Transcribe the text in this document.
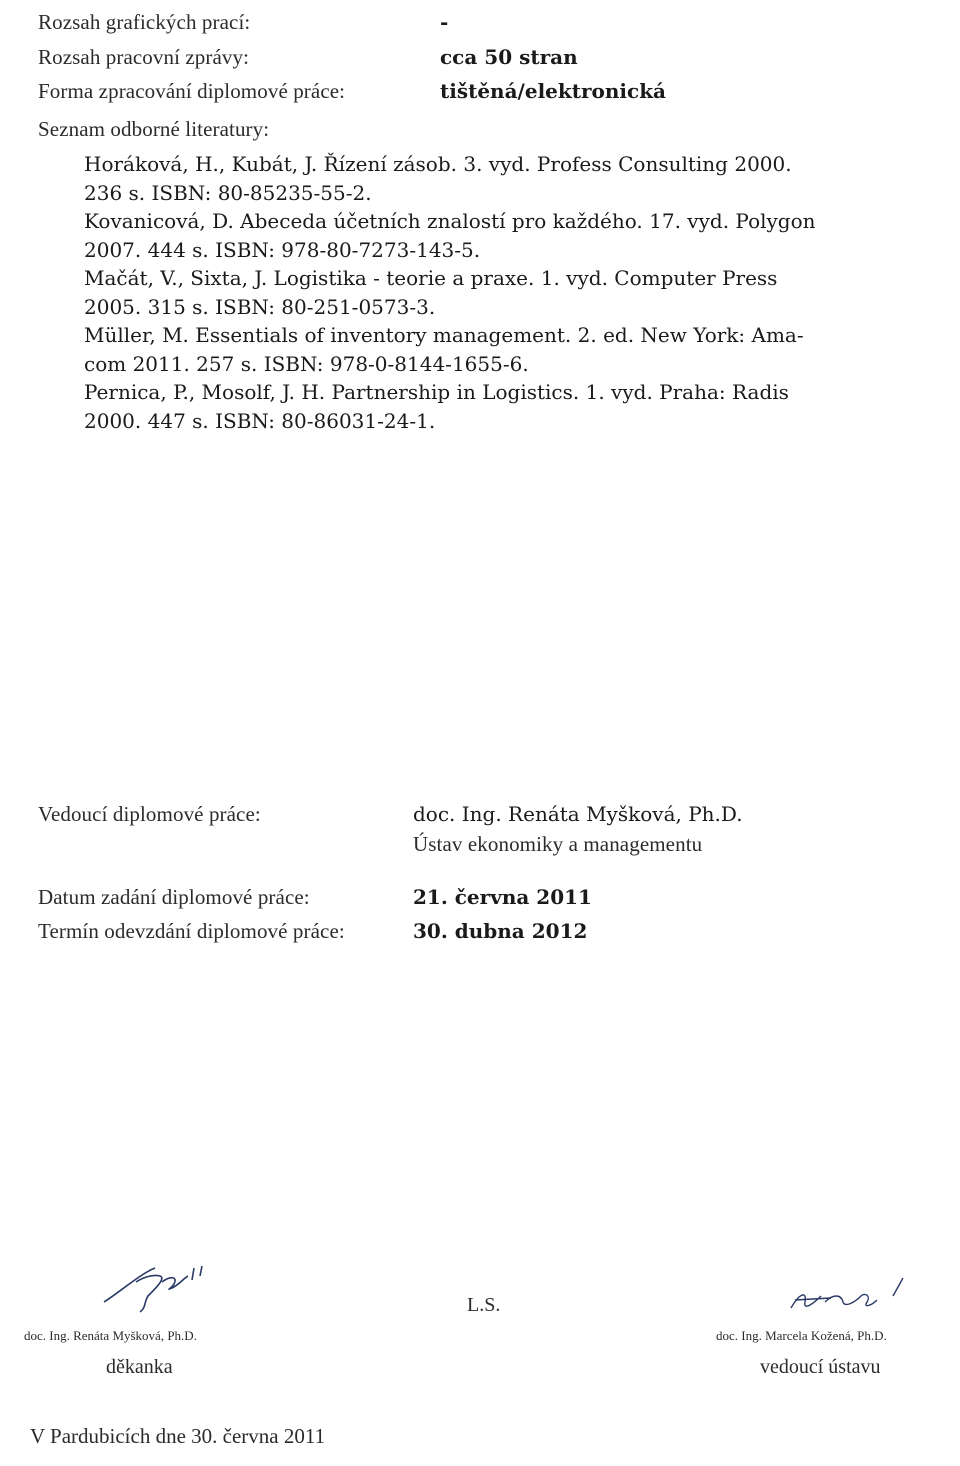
Rozsah grafických prací:	-
Rozsah pracovní zprávy:	cca 50 stran
Forma zpracování diplomové práce:	tištěná/elektronická
Seznam odborné literatury:
Horáková, H., Kubát, J. Řízení zásob. 3. vyd. Profess Consulting 2000.
236 s. ISBN: 80-85235-55-2.
Kovanicová, D. Abeceda účetních znalostí pro každého. 17. vyd. Polygon
2007. 444 s. ISBN: 978-80-7273-143-5.
Mačát, V., Sixta, J. Logistika - teorie a praxe. 1. vyd. Computer Press
2005. 315 s. ISBN: 80-251-0573-3.
Müller, M. Essentials of inventory management. 2. ed. New York: Ama-
com 2011. 257 s. ISBN: 978-0-8144-1655-6.
Pernica, P., Mosolf, J. H. Partnership in Logistics. 1. vyd. Praha: Radis
2000. 447 s. ISBN: 80-86031-24-1.
Vedoucí diplomové práce:	doc. Ing. Renáta Myšková, Ph.D.
Ústav ekonomiky a managementu
Datum zadání diplomové práce:	21. června 2011
Termín odevzdání diplomové práce:	30. dubna 2012
doc. Ing. Renáta Myšková, Ph.D.
děkanka
L.S.
doc. Ing. Marcela Kožená, Ph.D.
vedoucí ústavu
V Pardubicích dne 30. června 2011
